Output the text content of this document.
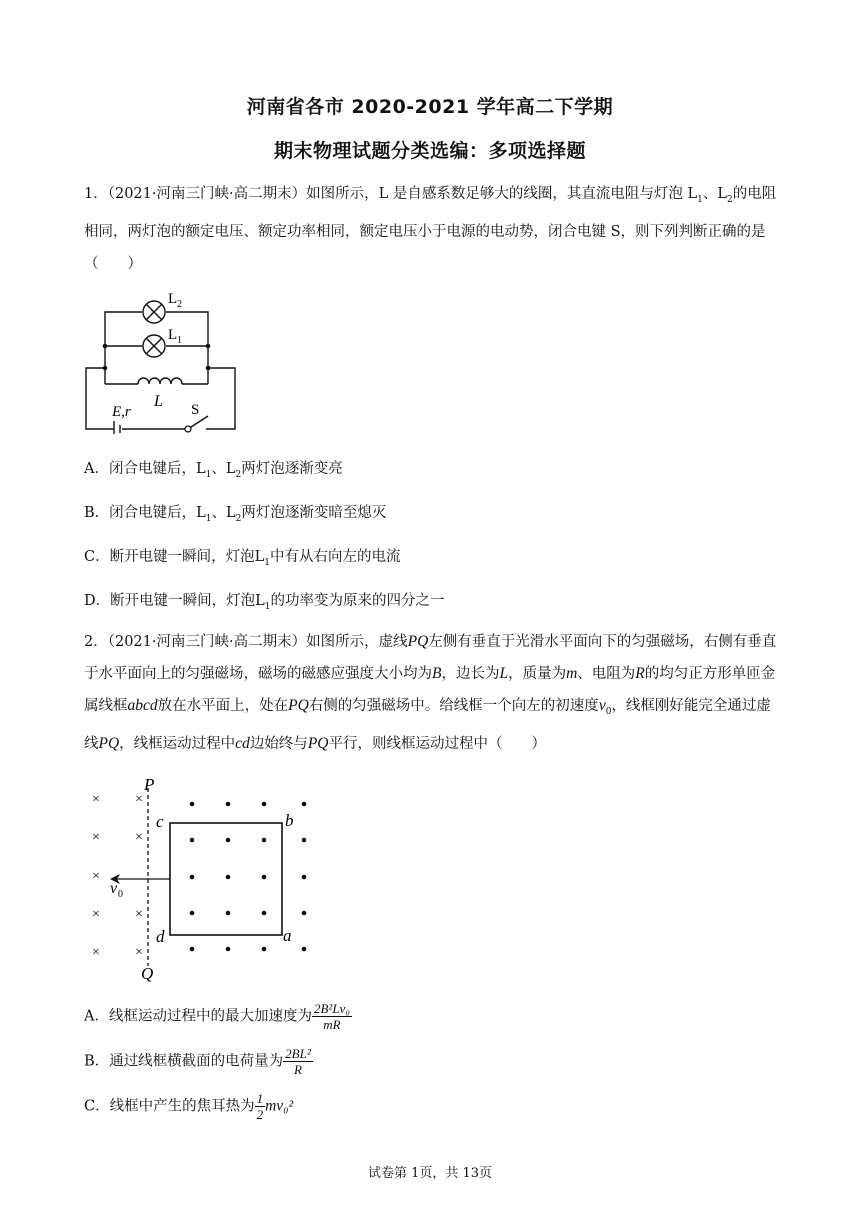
河南省各市 2020-2021 学年高二下学期
期末物理试题分类选编：多项选择题
1．（2021·河南三门峡·高二期末）如图所示，L 是自感系数足够大的线圈，其直流电阻与灯泡 $L_1$、$L_2$的电阻相同，两灯泡的额定电压、额定功率相同，额定电压小于电源的电动势，闭合电键 S，则下列判断正确的是（　　）
L 2
L 1
L
E,r	S
A．闭合电键后，$L_1$、$L_2$两灯泡逐渐变亮
B．闭合电键后，$L_1$、$L_2$两灯泡逐渐变暗至熄灭
C．断开电键一瞬间，灯泡$L_1$中有从右向左的电流
D．断开电键一瞬间，灯泡$L_1$的功率变为原来的四分之一
2．（2021·河南三门峡·高二期末）如图所示，虚线PQ左侧有垂直于光滑水平面向下的匀强磁场，右侧有垂直于水平面向上的匀强磁场，磁场的磁感应强度大小均为B，边长为L，质量为m、电阻为R的均匀正方形单匝金属线框abcd放在水平面上，处在PQ右侧的匀强磁场中。给线框一个向左的初速度$v_0$，线框刚好能完全通过虚线PQ，线框运动过程中cd边始终与PQ平行，则线框运动过程中（　　）
×
×
×
×
×
×
×
×
×
P
Q
c	b
d	a
v 0
A．线框运动过程中的最大加速度为 $\frac{\text{2B²Lv₀}}{mR}$
B．通过线框横截面的电荷量为 $\frac{\text{2BL²}}{R}$
C．线框中产生的焦耳热为 $\frac{1}{2} mv_0^2$
试卷第 1页，共 13页
